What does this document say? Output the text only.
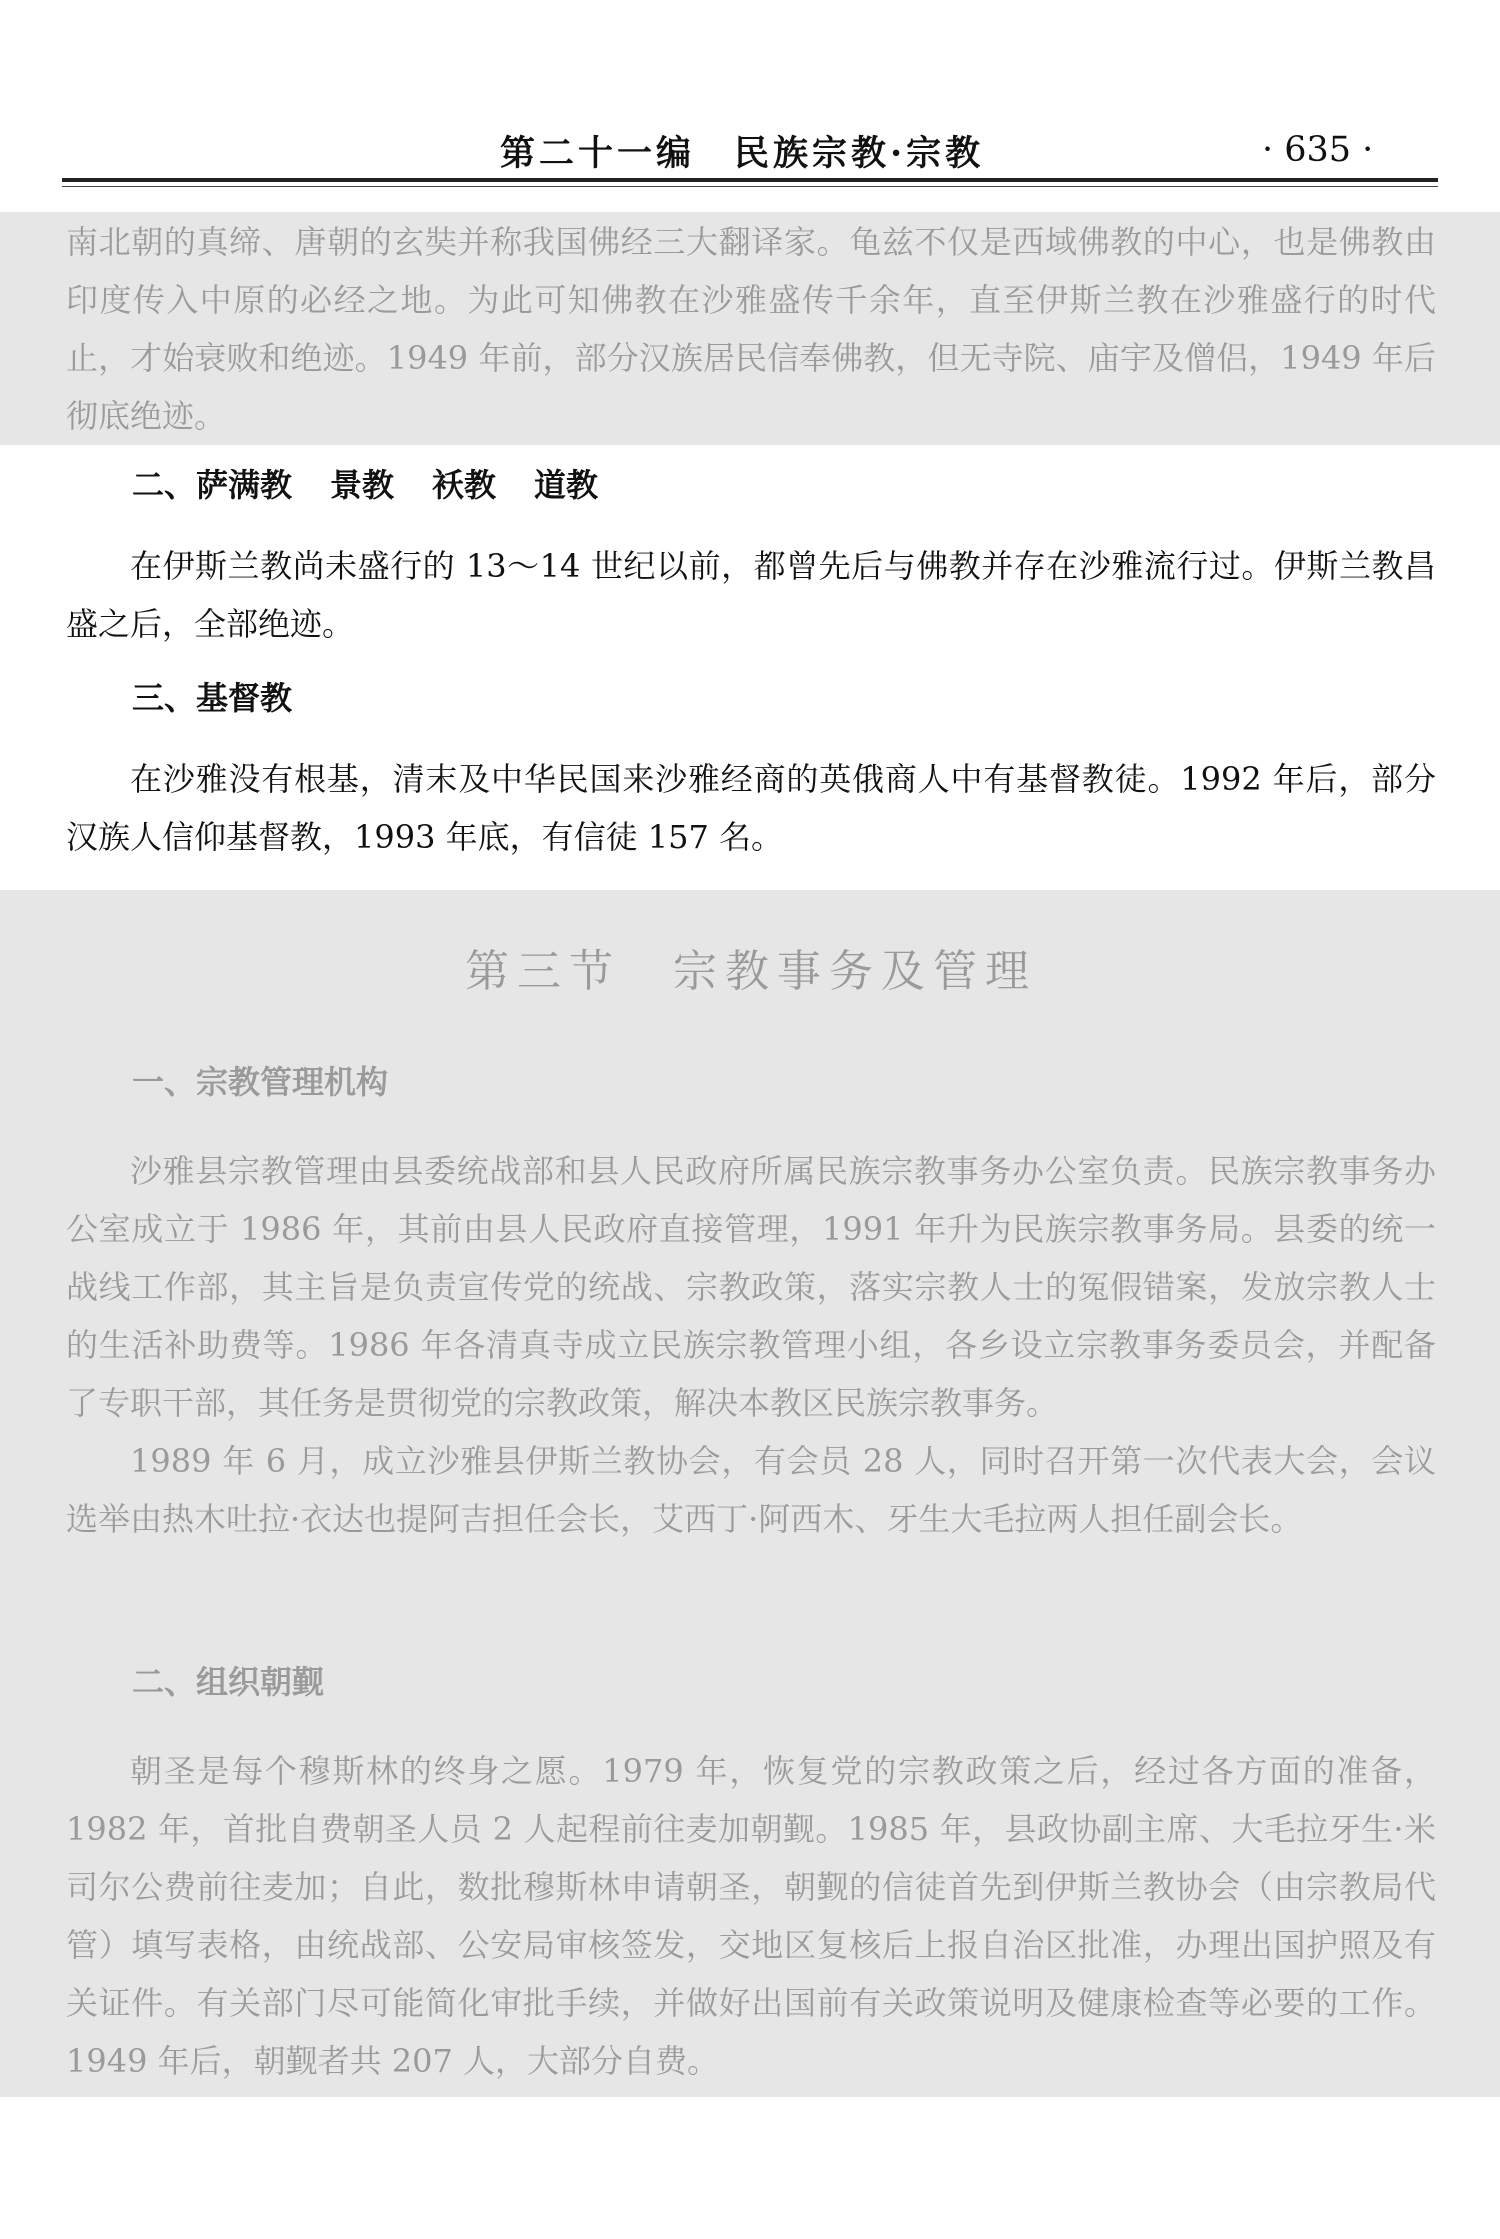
第二十一编　民族宗教·宗教	· 635 ·

南北朝的真缔、唐朝的玄奘并称我国佛经三大翻译家。龟兹不仅是西域佛教的中心，也是佛教由印度传入中原的必经之地。为此可知佛教在沙雅盛传千余年，直至伊斯兰教在沙雅盛行的时代止，才始衰败和绝迹。1949 年前，部分汉族居民信奉佛教，但无寺院、庙宇及僧侣，1949 年后彻底绝迹。

二、萨满教 景教 袄教 道教

在伊斯兰教尚未盛行的 13～14 世纪以前，都曾先后与佛教并存在沙雅流行过。伊斯兰教昌盛之后，全部绝迹。

三、基督教

在沙雅没有根基，清末及中华民国来沙雅经商的英俄商人中有基督教徒。1992 年后，部分汉族人信仰基督教，1993 年底，有信徒 157 名。

第三节　宗教事务及管理

一、宗教管理机构

沙雅县宗教管理由县委统战部和县人民政府所属民族宗教事务办公室负责。民族宗教事务办公室成立于 1986 年，其前由县人民政府直接管理，1991 年升为民族宗教事务局。县委的统一战线工作部，其主旨是负责宣传党的统战、宗教政策，落实宗教人士的冤假错案，发放宗教人士的生活补助费等。1986 年各清真寺成立民族宗教管理小组，各乡设立宗教事务委员会，并配备了专职干部，其任务是贯彻党的宗教政策，解决本教区民族宗教事务。

1989 年 6 月，成立沙雅县伊斯兰教协会，有会员 28 人，同时召开第一次代表大会，会议选举由热木吐拉·衣达也提阿吉担任会长，艾西丁·阿西木、牙生大毛拉两人担任副会长。

二、组织朝觐

朝圣是每个穆斯林的终身之愿。1979 年，恢复党的宗教政策之后，经过各方面的准备，1982 年，首批自费朝圣人员 2 人起程前往麦加朝觐。1985 年，县政协副主席、大毛拉牙生·米司尔公费前往麦加；自此，数批穆斯林申请朝圣，朝觐的信徒首先到伊斯兰教协会（由宗教局代管）填写表格，由统战部、公安局审核签发，交地区复核后上报自治区批准，办理出国护照及有关证件。有关部门尽可能简化审批手续，并做好出国前有关政策说明及健康检查等必要的工作。1949 年后，朝觐者共 207 人，大部分自费。
